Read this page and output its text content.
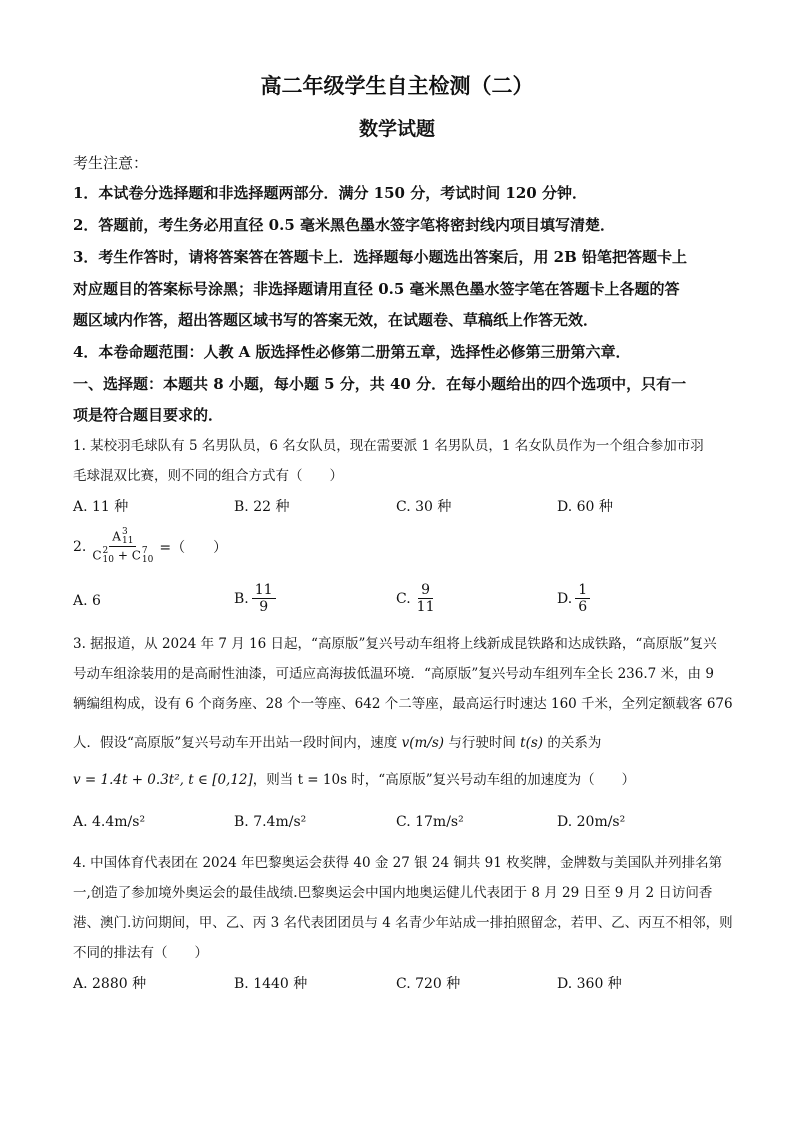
高二年级学生自主检测（二）
数学试题
考生注意：
1．本试卷分选择题和非选择题两部分．满分 150 分，考试时间 120 分钟．
2．答题前，考生务必用直径 0.5 毫米黑色墨水签字笔将密封线内项目填写清楚．
3．考生作答时，请将答案答在答题卡上．选择题每小题选出答案后，用 2B 铅笔把答题卡上
对应题目的答案标号涂黑；非选择题请用直径 0.5 毫米黑色墨水签字笔在答题卡上各题的答
题区域内作答，超出答题区域书写的答案无效，在试题卷、草稿纸上作答无效．
4．本卷命题范围：人教 A 版选择性必修第二册第五章，选择性必修第三册第六章．
一、选择题：本题共 8 小题，每小题 5 分，共 40 分．在每小题给出的四个选项中，只有一
项是符合题目要求的．
1. 某校羽毛球队有 5 名男队员，6 名女队员，现在需要派 1 名男队员，1 名女队员作为一个组合参加市羽
毛球混双比赛，则不同的组合方式有（　　）
A. 11 种	B. 22 种	C. 30 种	D. 60 种
2. A 3
11
C 2
10 + C 7
10 =（　　）
A. 6	B. $\frac{11}{9}$	C. $\frac{9}{11}$	D. $\frac{1}{6}$
3. 据报道，从 2024 年 7 月 16 日起，“高原版”复兴号动车组将上线新成昆铁路和达成铁路，“高原版”复兴
号动车组涂装用的是高耐性油漆，可适应高海拔低温环境．“高原版”复兴号动车组列车全长 236.7 米，由 9
辆编组构成，设有 6 个商务座、28 个一等座、642 个二等座，最高运行时速达 160 千米，全列定额载客 676
人．假设“高原版”复兴号动车开出站一段时间内，速度 v(m/s) 与行驶时间 t(s) 的关系为
v = 1.4t + 0.3t², t ∈ [0,12]，则当 t = 10s 时，“高原版”复兴号动车组的加速度为（　　）
A. 4.4m/s²	B. 7.4m/s²	C. 17m/s²	D. 20m/s²
4. 中国体育代表团在 2024 年巴黎奥运会获得 40 金 27 银 24 铜共 91 枚奖牌，金牌数与美国队并列排名第
一,创造了参加境外奥运会的最佳战绩.巴黎奥运会中国内地奥运健儿代表团于 8 月 29 日至 9 月 2 日访问香
港、澳门.访问期间，甲、乙、丙 3 名代表团团员与 4 名青少年站成一排拍照留念，若甲、乙、丙互不相邻，则
不同的排法有（　　）
A. 2880 种	B. 1440 种	C. 720 种	D. 360 种
